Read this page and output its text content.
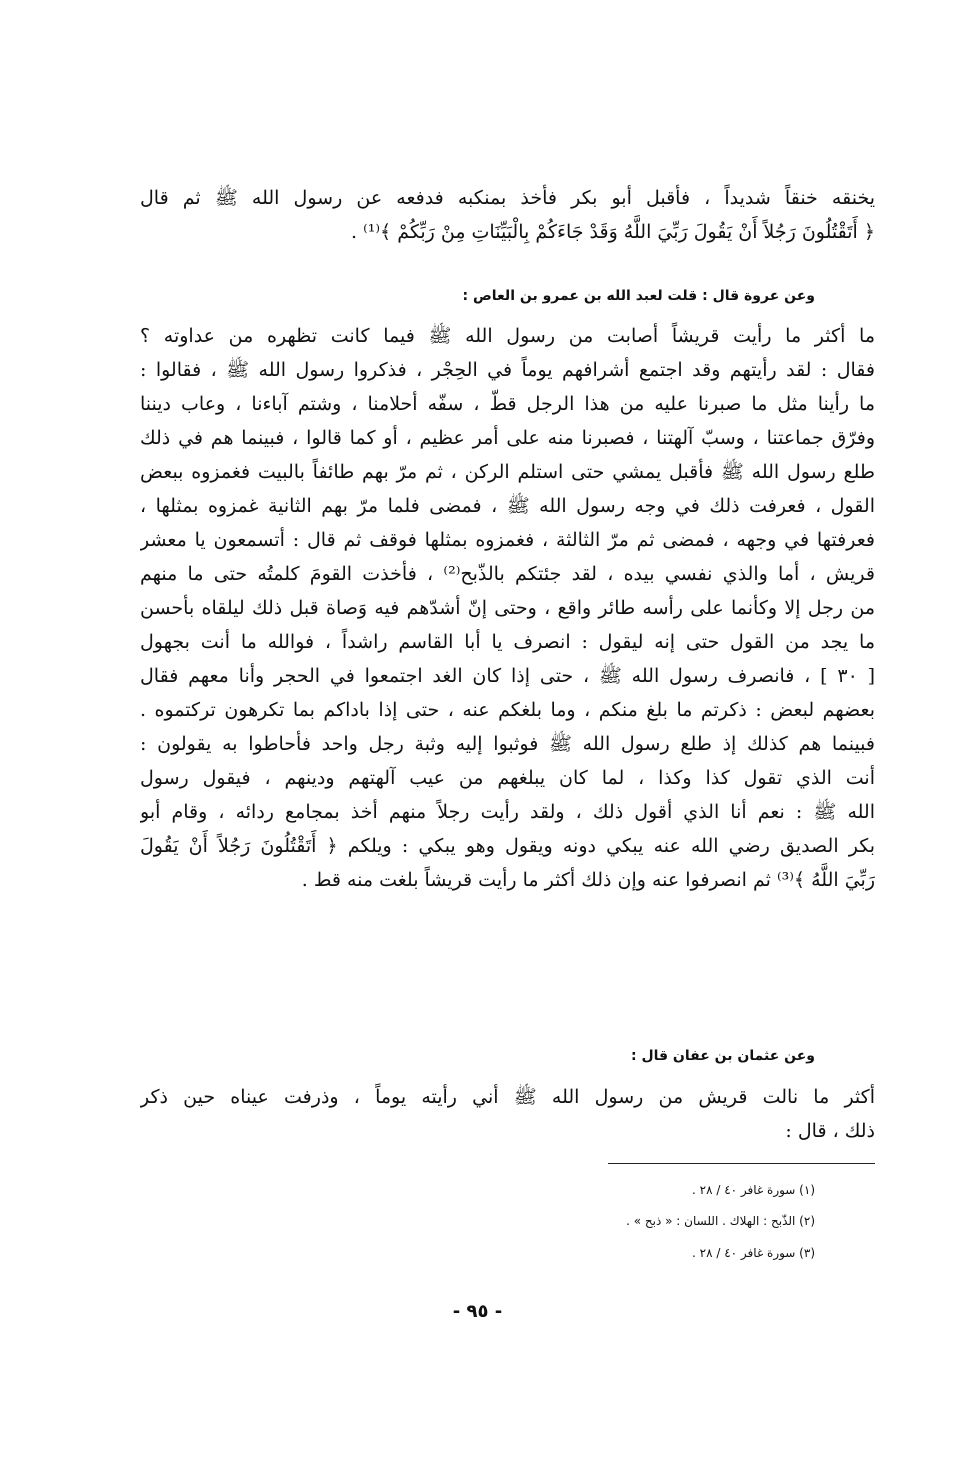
يخنقه خنقاً شديداً ، فأقبل أبو بكر فأخذ بمنكبه فدفعه عن رسول الله ﷺ ثم قال
﴿ أَتَقْتُلُونَ رَجُلاً أَنْ يَقُولَ رَبِّيَ اللَّهُ وَقَدْ جَاءَكُمْ بِالْبَيِّنَاتِ مِنْ رَبِّكُمْ ﴾⁽¹⁾ .
وعن عروة قال : قلت لعبد الله بن عمرو بن العاص :
ما أكثر ما رأيت قريشاً أصابت من رسول الله ﷺ فيما كانت تظهره من عداوته ؟
فقال : لقد رأيتهم وقد اجتمع أشرافهم يوماً في الحِجْر ، فذكروا رسول الله ﷺ ، فقالوا :
ما رأينا مثل ما صبرنا عليه من هذا الرجل قطّ ، سفّه أحلامنا ، وشتم آباءنا ، وعاب ديننا
وفرّق جماعتنا ، وسبّ آلهتنا ، فصبرنا منه على أمر عظيم ، أو كما قالوا ، فبينما هم في ذلك
طلع رسول الله ﷺ فأقبل يمشي حتى استلم الركن ، ثم مرّ بهم طائفاً بالبيت فغمزوه ببعض
القول ، فعرفت ذلك في وجه رسول الله ﷺ ، فمضى فلما مرّ بهم الثانية غمزوه بمثلها ،
فعرفتها في وجهه ، فمضى ثم مرّ الثالثة ، فغمزوه بمثلها فوقف ثم قال : أتسمعون يا معشر
قريش ، أما والذي نفسي بيده ، لقد جئتكم بالذّبح⁽²⁾ ، فأخذت القومَ كلمتُه حتى ما منهم
من رجل إلا وكأنما على رأسه طائر واقع ، وحتى إنّ أشدّهم فيه وَصاة قبل ذلك ليلقاه بأحسن
ما يجد من القول حتى إنه ليقول : انصرف يا أبا القاسم راشداً ، فوالله ما أنت بجهول
[ ٣٠ ] ، فانصرف رسول الله ﷺ ، حتى إذا كان الغد اجتمعوا في الحجر وأنا معهم فقال
بعضهم لبعض : ذكرتم ما بلغ منكم ، وما بلغكم عنه ، حتى إذا باداكم بما تكرهون تركتموه .
فبينما هم كذلك إذ طلع رسول الله ﷺ فوثبوا إليه وثبة رجل واحد فأحاطوا به يقولون :
أنت الذي تقول كذا وكذا ، لما كان يبلغهم من عيب آلهتهم ودينهم ، فيقول رسول
الله ﷺ : نعم أنا الذي أقول ذلك ، ولقد رأيت رجلاً منهم أخذ بمجامع ردائه ، وقام أبو
بكر الصديق رضي الله عنه يبكي دونه ويقول وهو يبكي : ويلكم ﴿ أَتَقْتُلُونَ رَجُلاً أَنْ يَقُولَ
رَبِّيَ اللَّهُ ﴾⁽³⁾ ثم انصرفوا عنه وإن ذلك أكثر ما رأيت قريشاً بلغت منه قط .
وعن عثمان بن عفان قال :
أكثر ما نالت قريش من رسول الله ﷺ أني رأيته يوماً ، وذرفت عيناه حين ذكر
ذلك ، قال :
(١) سورة غافر ٤٠ / ٢٨ .
(٢) الذّبح : الهلاك . اللسان : « ذبح » .
(٣) سورة غافر ٤٠ / ٢٨ .
- ٩٥ -
